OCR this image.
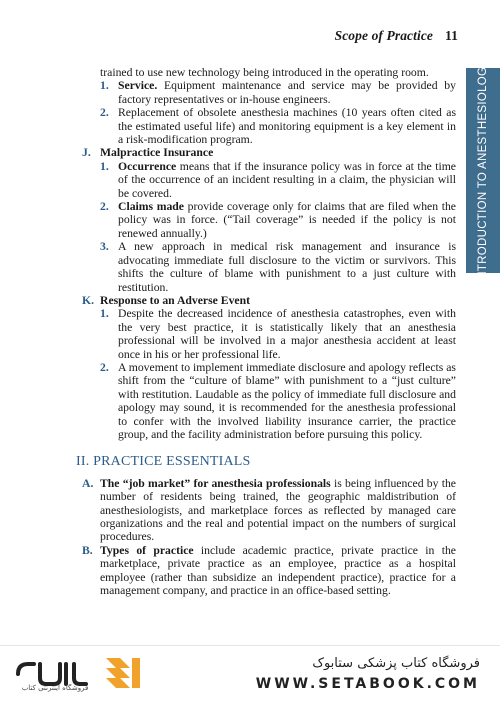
Scope of Practice 11
INTRODUCTION TO ANESTHESIOLOGY

trained to use new technology being introduced in the operating room.

1. Service. Equipment maintenance and service may be provided by factory representatives or in-house engineers.
2. Replacement of obsolete anesthesia machines (10 years often cited as the estimated useful life) and monitoring equipment is a key element in a risk-modification program.
J. Malpractice Insurance
1. Occurrence means that if the insurance policy was in force at the time of the occurrence of an incident resulting in a claim, the physician will be covered.
2. Claims made provide coverage only for claims that are filed when the policy was in force. (“Tail coverage” is needed if the policy is not renewed annually.)
3. A new approach in medical risk management and insurance is advocating immediate full disclosure to the victim or survivors. This shifts the culture of blame with punishment to a just culture with restitution.
K. Response to an Adverse Event
1. Despite the decreased incidence of anesthesia catastrophes, even with the very best practice, it is statistically likely that an anesthesia professional will be involved in a major anesthesia accident at least once in his or her professional life.
2. A movement to implement immediate disclosure and apology reflects as shift from the “culture of blame” with punishment to a “just culture” with restitution. Laudable as the policy of immediate full disclosure and apology may sound, it is recommended for the anesthesia professional to confer with the involved liability insurance carrier, the practice group, and the facility administration before pursuing this policy.
II. PRACTICE ESSENTIALS
A. The “job market” for anesthesia professionals is being influenced by the number of residents being trained, the geographic maldistribution of anesthesiologists, and marketplace forces as reflected by managed care organizations and the real and potential impact on the numbers of surgical procedures.
B. Types of practice include academic practice, private practice in the marketplace, private practice as an employee, practice as a hospital employee (rather than subsidize an independent practice), practice for a management company, and practice in an office-based setting.
فروشگاه اینترنتی کتاب
فروشگاه کتاب پزشکی ستابوک
WWW.SETABOOK.COM
